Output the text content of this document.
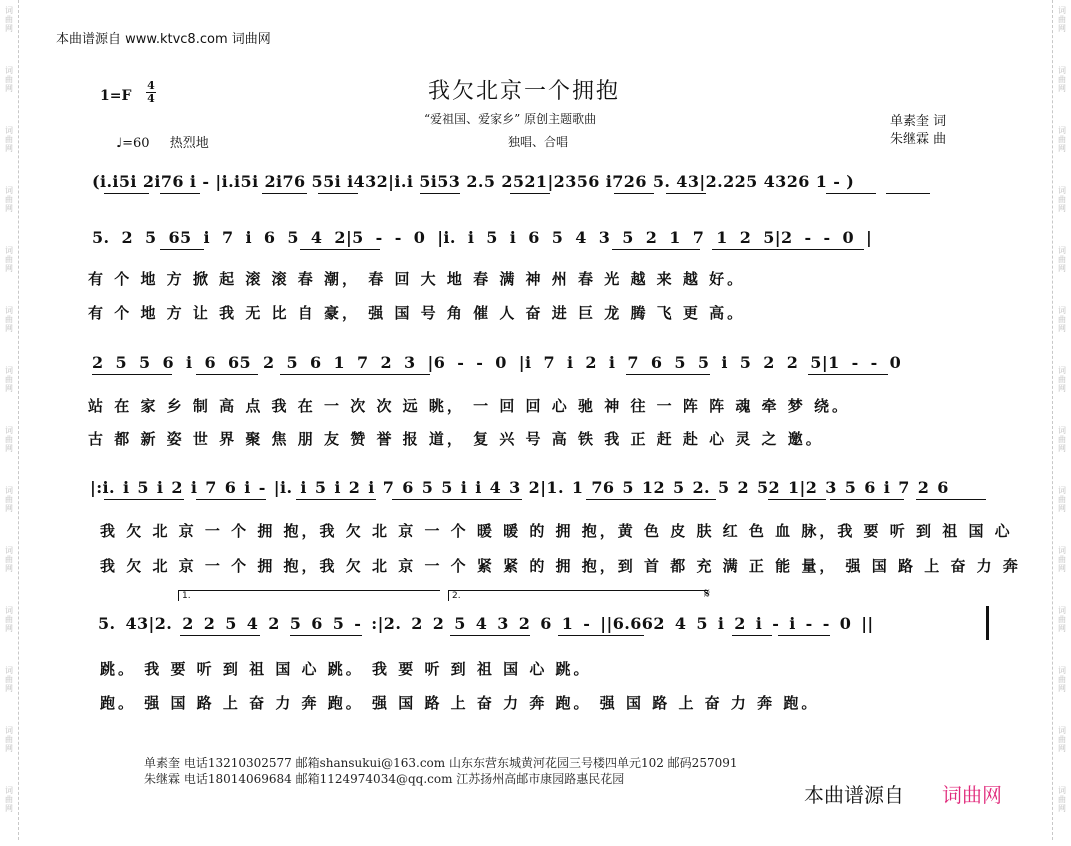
词
曲
网
词
曲
网
词
曲
网
词
曲
网
词
曲
网
词
曲
网
词
曲
网
词
曲
网
词
曲
网
词
曲
网
词
曲
网
词
曲
网
词
曲
网
词
曲
网
词
曲
网
词
曲
网
词
曲
网
词
曲
网
词
曲
网
词
曲
网
词
曲
网
词
曲
网
词
曲
网
词
曲
网
词
曲
网
词
曲
网
词
曲
网
词
曲
网
本曲谱源自 www.ktvc8.com 词曲网
1=F
4
4
♩=60 热烈地
我欠北京一个拥抱
“爱祖国、爱家乡” 原创主题歌曲
独唱、合唱
单素奎 词
朱继霖 曲
(i.i5i 2i76 i - |i.i5i 2i76 55i i432|i.i 5i53 2.5 2521|2356 i726 5. 43|2.225 4326 1 - )
5. 2 5 65 i 7 i 6 5 4 2|5 - - 0 |i. i 5 i 6 5 4 3 5 2 1 7 1 2 5|2 - - 0 |
有 个 地 方 掀 起 滚 滚 春 潮， 春 回 大 地 春 满 神 州 春 光 越 来 越 好。
有 个 地 方 让 我 无 比 自 豪， 强 国 号 角 催 人 奋 进 巨 龙 腾 飞 更 高。
2 5 5 6 i 6 65 2 5 6 1 7 2 3 |6 - - 0 |i 7 i 2 i 7 6 5 5 i 5 2 2 5|1 - - 0
站 在 家 乡 制 高 点 我 在 一 次 次 远 眺， 一 回 回 心 驰 神 往 一 阵 阵 魂 牵 梦 绕。
古 都 新 姿 世 界 聚 焦 朋 友 赞 誉 报 道， 复 兴 号 高 铁 我 正 赶 赴 心 灵 之 邀。
|:i. i 5 i 2 i 7 6 i - |i. i 5 i 2 i 7 6 5 5 i i 4 3 2|1. 1 76 5 12 5 2. 5 2 52 1|2 3 5 6 i 7 2 6
我 欠 北 京 一 个 拥 抱，我 欠 北 京 一 个 暖 暖 的 拥 抱，黄 色 皮 肤 红 色 血 脉，我 要 听 到 祖 国 心
我 欠 北 京 一 个 拥 抱，我 欠 北 京 一 个 紧 紧 的 拥 抱，到 首 都 充 满 正 能 量， 强 国 路 上 奋 力 奔
1.	2.	𝄋
5. 43|2. 2 2 5 4 2 5 6 5 - :|2. 2 2 5 4 3 2 6 1 - ||6.662 4 5 i 2 i - i - - 0 ||
跳。 我 要 听 到 祖 国 心 跳。 我 要 听 到 祖 国 心 跳。
跑。 强 国 路 上 奋 力 奔 跑。 强 国 路 上 奋 力 奔 跑。 强 国 路 上 奋 力 奔 跑。
单素奎 电话13210302577 邮箱shansukui@163.com 山东东营东城黄河花园三号楼四单元102 邮码257091
朱继霖 电话18014069684 邮箱1124974034@qq.com 江苏扬州高邮市康园路惠民花园
本曲谱源自 词曲网
